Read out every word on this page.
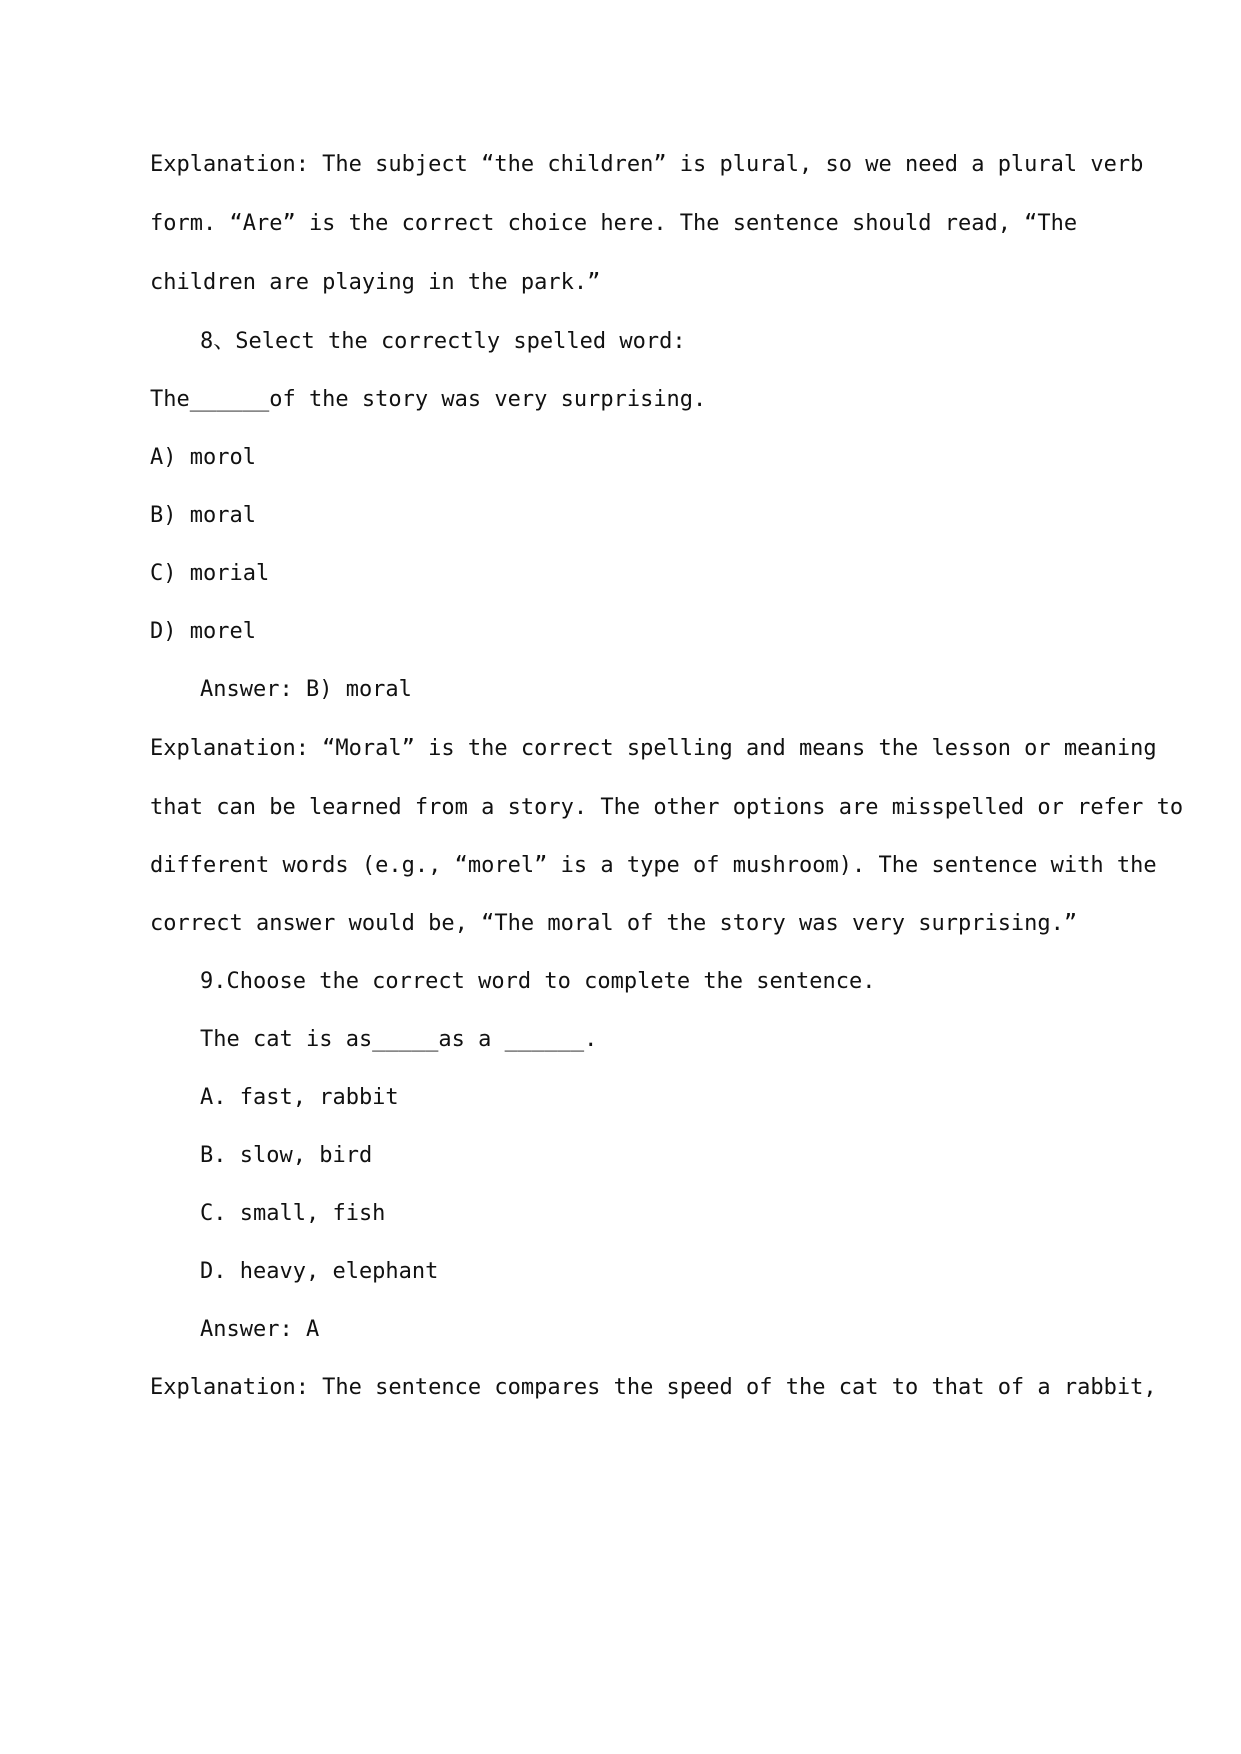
Explanation: The subject “the children” is plural, so we need a plural verb
form. “Are” is the correct choice here. The sentence should read, “The
children are playing in the park.”
8、Select the correctly spelled word:
The______of the story was very surprising.
A) morol
B) moral
C) morial
D) morel
Answer: B) moral
Explanation: “Moral” is the correct spelling and means the lesson or meaning
that can be learned from a story. The other options are misspelled or refer to
different words (e.g., “morel” is a type of mushroom). The sentence with the
correct answer would be, “The moral of the story was very surprising.”
9.Choose the correct word to complete the sentence.
The cat is as_____as a ______.
A. fast, rabbit
B. slow, bird
C. small, fish
D. heavy, elephant
Answer: A
Explanation: The sentence compares the speed of the cat to that of a rabbit,
